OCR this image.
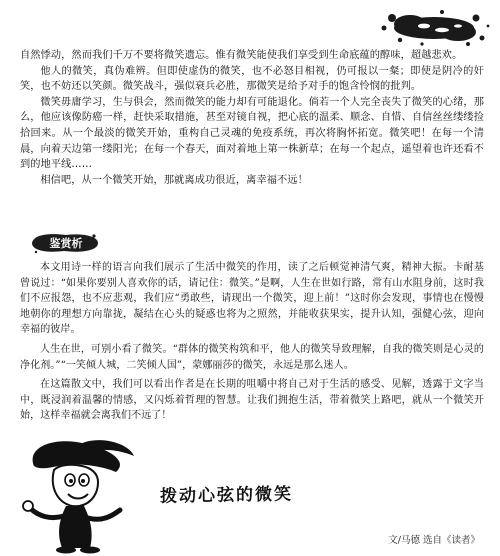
自然悸动，然而我们千万不要将微笑遗忘。惟有微笑能使我们享受到生命底蕴的醇味，超越悲欢。

他人的微笑，真伪难辨。但即使虚伪的微笑，也不必怒目相视，仍可报以一粲；即使是阴冷的奸笑，也不妨还以笑颜。微笑战斗，强似衰兵必胜，那微笑是给予对手的饱含怜悯的批判。

微笑毋庸学习，生与俱会，然而微笑的能力却有可能退化。倘若一个人完全丧失了微笑的心绪，那么，他应该像防癌一样，赶快采取措施，甚至对镜自视，把心底的温柔、顺念、自惜、自信丝丝缕缕捡拾回来。从一个最淡的微笑开始，重构自己灵魂的免疫系统，再次将胸怀拓宽。微笑吧！在每一个清晨，向着天边第一缕阳光；在每一个春天，面对着地上第一株新草；在每一个起点，遥望着也许还看不到的地平线……

相信吧，从一个微笑开始，那就离成功很近，离幸福不远！

鉴赏析

本文用诗一样的语言向我们展示了生活中微笑的作用，读了之后顿觉神清气爽，精神大振。卡耐基曾说过：“如果你要别人喜欢你的话，请记住：微笑。”是啊，人生在世如行路，常有山水阻身前，这时我们不应报怨，也不应悲观，我们应“勇敢些，请现出一个微笑，迎上前！”这时你会发现，事情也在慢慢地朝你的理想方向靠拢，凝结在心头的疑惑也将为之照然，并能收获果实，提升认知，强健心弦，迎向幸福的彼岸。

人生在世，可别小看了微笑。“群体的微笑构筑和平，他人的微笑导致理解，自我的微笑则是心灵的净化剂。”“一笑倾人城，二笑倾人国”，蒙娜丽莎的微笑，永远是那么迷人。

在这篇散文中，我们可以看出作者是在长期的咀嚼中将自己对于生活的感受、见解，透露于文字当中，既浸润着温馨的情感，又闪烁着哲理的智慧。让我们拥抱生活，带着微笑上路吧，就从一个微笑开始，这样幸福就会离我们不远了！

拨动心弦的微笑
文/马德 选自《读者》
